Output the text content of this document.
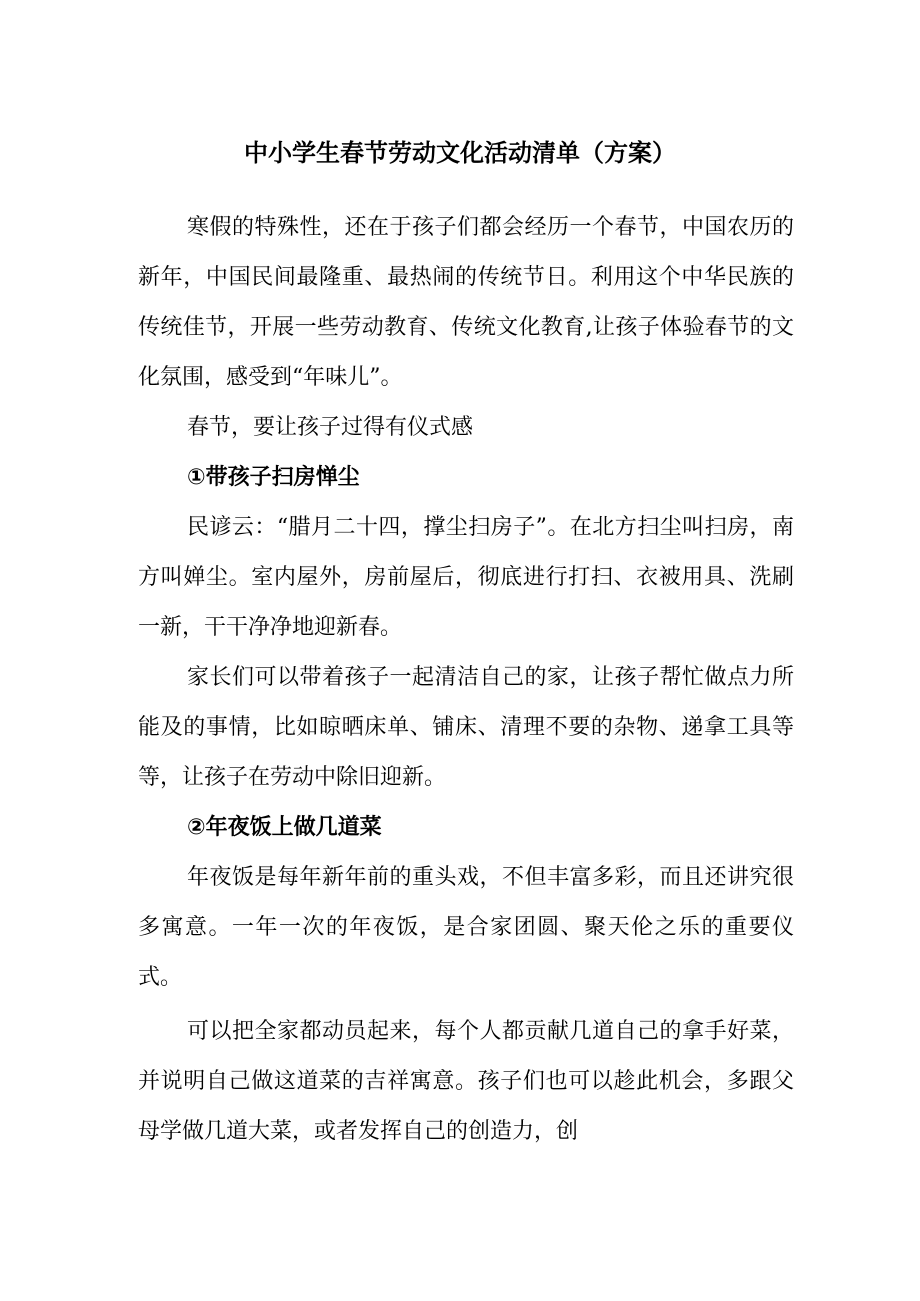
中小学生春节劳动文化活动清单（方案）

寒假的特殊性，还在于孩子们都会经历一个春节，中国农历的新年，中国民间最隆重、最热闹的传统节日。利用这个中华民族的传统佳节，开展一些劳动教育、传统文化教育,让孩子体验春节的文化氛围，感受到“年味儿”。

春节，要让孩子过得有仪式感

①带孩子扫房惮尘

民谚云：“腊月二十四，撑尘扫房子”。在北方扫尘叫扫房，南方叫婵尘。室内屋外，房前屋后，彻底进行打扫、衣被用具、洗刷一新，干干净净地迎新春。

家长们可以带着孩子一起清洁自己的家，让孩子帮忙做点力所能及的事情，比如晾晒床单、铺床、清理不要的杂物、递拿工具等等，让孩子在劳动中除旧迎新。

②年夜饭上做几道菜

年夜饭是每年新年前的重头戏，不但丰富多彩，而且还讲究很多寓意。一年一次的年夜饭，是合家团圆、聚天伦之乐的重要仪式。

可以把全家都动员起来，每个人都贡献几道自己的拿手好菜，并说明自己做这道菜的吉祥寓意。孩子们也可以趁此机会，多跟父母学做几道大菜，或者发挥自己的创造力，创
